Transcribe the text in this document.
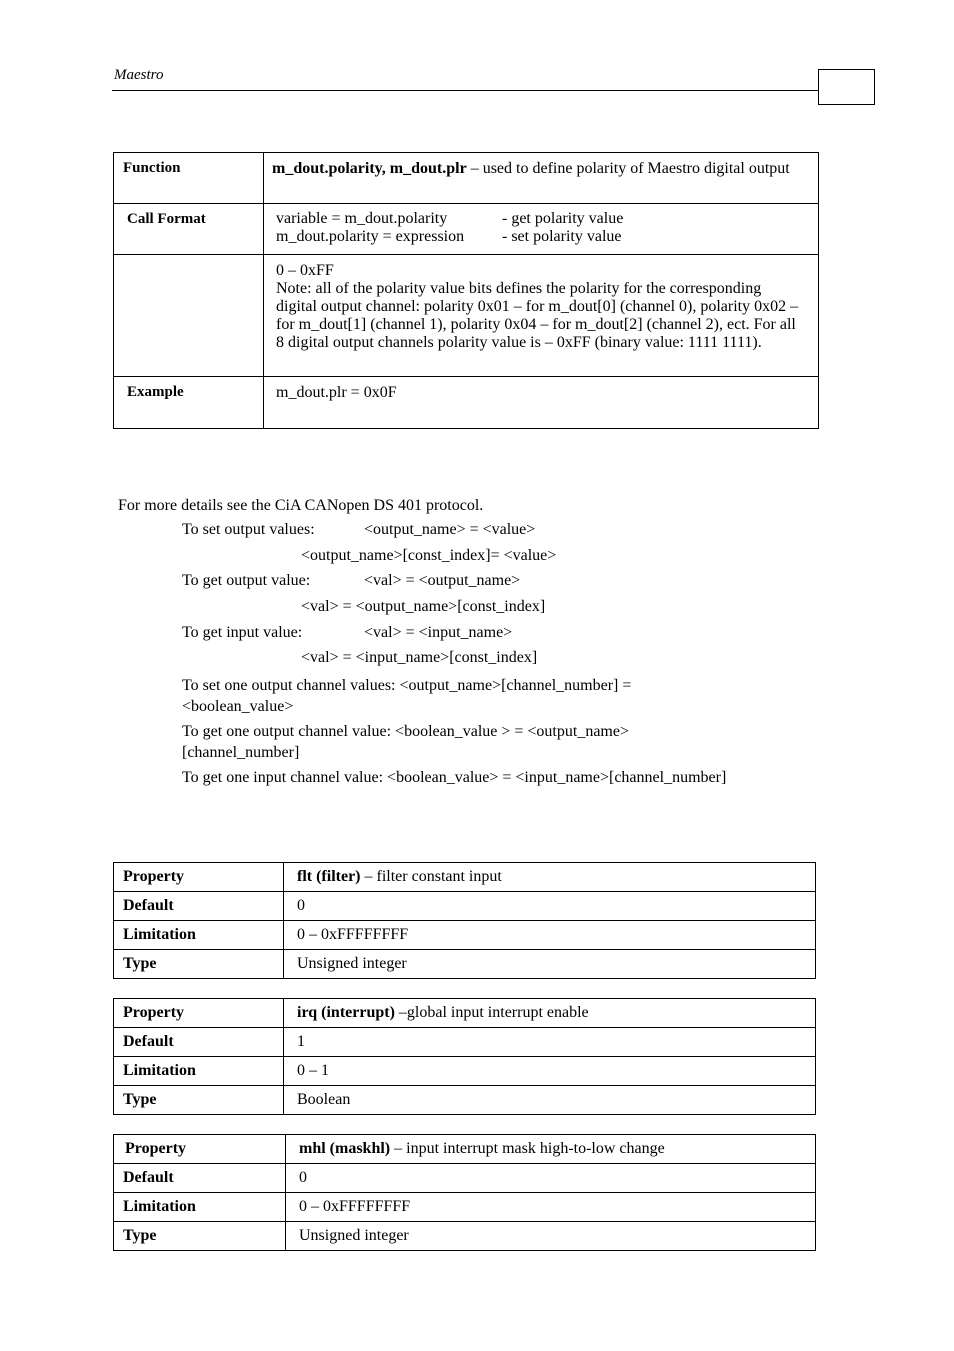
Maestro
Function	m_dout.polarity, m_dout.plr – used to define polarity of Maestro digital output
Call Format	variable = m_dout.polarity - get polarity value
m_dout.polarity = expression - set polarity value

	0 – 0xFF
Note: all of the polarity value bits defines the polarity for the corresponding digital output channel: polarity 0x01 – for m_dout[0] (channel 0), polarity 0x02 – for m_dout[1] (channel 1), polarity 0x04 – for m_dout[2] (channel 2), ect. For all 8 digital output channels polarity value is – 0xFF (binary value: 1111 1111).

Example	m_dout.plr = 0x0F
For more details see the CiA CANopen DS 401 protocol.
To set output values:	<output_name> = <value>
<output_name>[const_index]= <value>
To get output value:	<val> = <output_name>
<val> = <output_name>[const_index]
To get input value:	<val> = <input_name>
<val> = <input_name>[const_index]
To set one output channel values: <output_name>[channel_number] = <boolean_value>
To get one output channel value: <boolean_value > = <output_name>[channel_number]
To get one input channel value: <boolean_value> = <input_name>[channel_number]
Property	flt (filter) – filter constant input
Default	0
Limitation	0 – 0xFFFFFFFF
Type	Unsigned integer
Property	irq (interrupt) –global input interrupt enable
Default	1
Limitation	0 – 1
Type	Boolean
Property	mhl (maskhl) – input interrupt mask high-to-low change
Default	0
Limitation	0 – 0xFFFFFFFF
Type	Unsigned integer
